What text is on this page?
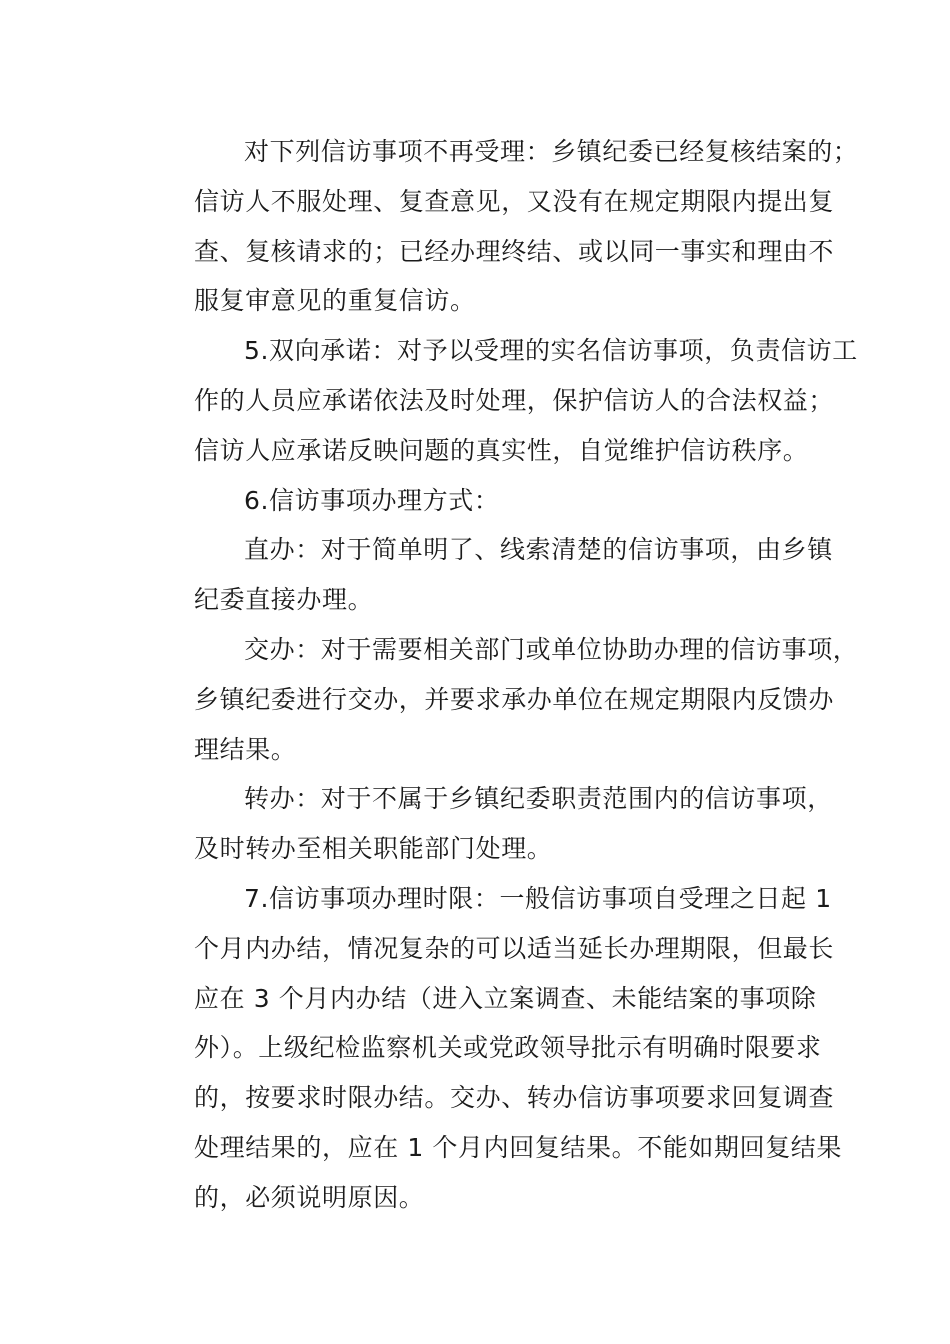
对下列信访事项不再受理：乡镇纪委已经复核结案的；
信访人不服处理、复查意见，又没有在规定期限内提出复
查、复核请求的；已经办理终结、或以同一事实和理由不
服复审意见的重复信访。
5.双向承诺：对予以受理的实名信访事项，负责信访工
作的人员应承诺依法及时处理，保护信访人的合法权益；
信访人应承诺反映问题的真实性，自觉维护信访秩序。
6.信访事项办理方式：
直办：对于简单明了、线索清楚的信访事项，由乡镇
纪委直接办理。
交办：对于需要相关部门或单位协助办理的信访事项，
乡镇纪委进行交办，并要求承办单位在规定期限内反馈办
理结果。
转办：对于不属于乡镇纪委职责范围内的信访事项，
及时转办至相关职能部门处理。
7.信访事项办理时限：一般信访事项自受理之日起 1
个月内办结，情况复杂的可以适当延长办理期限，但最长
应在 3 个月内办结（进入立案调查、未能结案的事项除
外）。上级纪检监察机关或党政领导批示有明确时限要求
的，按要求时限办结。交办、转办信访事项要求回复调查
处理结果的，应在 1 个月内回复结果。不能如期回复结果
的，必须说明原因。
